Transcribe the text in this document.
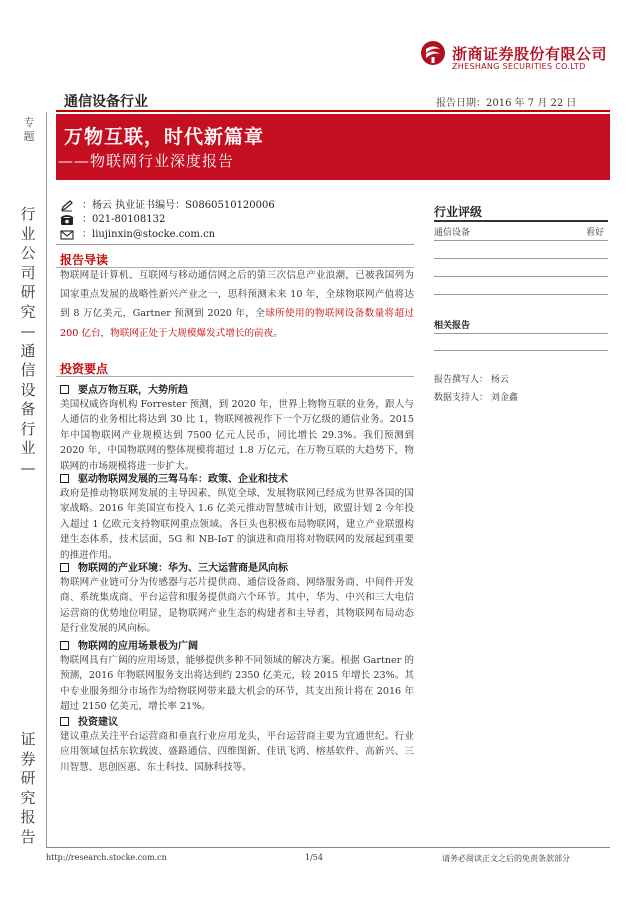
浙商证券股份有限公司
ZHESHANG SECURITIES CO.LTD
通信设备行业	报告日期：2016 年 7 月 22 日
万物互联，时代新篇章
——物联网行业深度报告
专题
行业公司研究—通信设备行业—
证券研究报告
：杨云 执业证书编号：S0860510120006
：021-80108132
：liujinxin@stocke.com.cn
报告导读
物联网是计算机、互联网与移动通信网之后的第三次信息产业浪潮，已被我国列为国家重点发展的战略性新兴产业之一，思科预测未来 10 年，全球物联网产值将达到 8 万亿美元，Gartner 预测到 2020 年，全球所使用的物联网设备数量将超过 200 亿台，物联网正处于大规模爆发式增长的前夜。
投资要点
要点万物互联，大势所趋
美国权威咨询机构 Forrester 预测，到 2020 年，世界上物物互联的业务，跟人与人通信的业务相比将达到 30 比 1，物联网被视作下一个万亿级的通信业务。2015 年中国物联网产业规模达到 7500 亿元人民币，同比增长 29.3%。我们预测到 2020 年，中国物联网的整体规模将超过 1.8 万亿元，在万物互联的大趋势下，物联网的市场规模将进一步扩大。
驱动物联网发展的三驾马车：政策、企业和技术
政府是推动物联网发展的主导因素，纵览全球，发展物联网已经成为世界各国的国家战略。2016 年美国宣布投入 1.6 亿美元推动智慧城市计划，欧盟计划 2 今年投入超过 1 亿欧元支持物联网重点领域。各巨头也积极布局物联网，建立产业联盟构建生态体系，技术层面，5G 和 NB-IoT 的演进和商用将对物联网的发展起到重要的推进作用。
物联网的产业环境：华为、三大运营商是风向标
物联网产业链可分为传感器与芯片提供商、通信设备商、网络服务商、中间件开发商、系统集成商、平台运营和服务提供商六个环节。其中，华为、中兴和三大电信运营商的优势地位明显，是物联网产业生态的构建者和主导者，其物联网布局动态是行业发展的风向标。
物联网的应用场景极为广阔
物联网具有广阔的应用场景，能够提供多种不同领域的解决方案。根据 Gartner 的预测，2016 年物联网服务支出将达到约 2350 亿美元，较 2015 年增长 23%。其中专业服务细分市场作为给物联网带来最大机会的环节，其支出预计将在 2016 年超过 2150 亿美元，增长率 21%。
投资建议
建议重点关注平台运营商和垂直行业应用龙头，平台运营商主要为宜通世纪。行业应用领域包括东软载波、盛路通信、四维图新、佳讯飞鸿、榕基软件、高新兴、三川智慧、思创医惠、东土科技、国脉科技等。
行业评级
通信设备	看好
相关报告
报告撰写人： 杨云
数据支持人： 刘金鑫
http://research.stocke.com.cn	1/54	请务必阅读正文之后的免责条款部分
